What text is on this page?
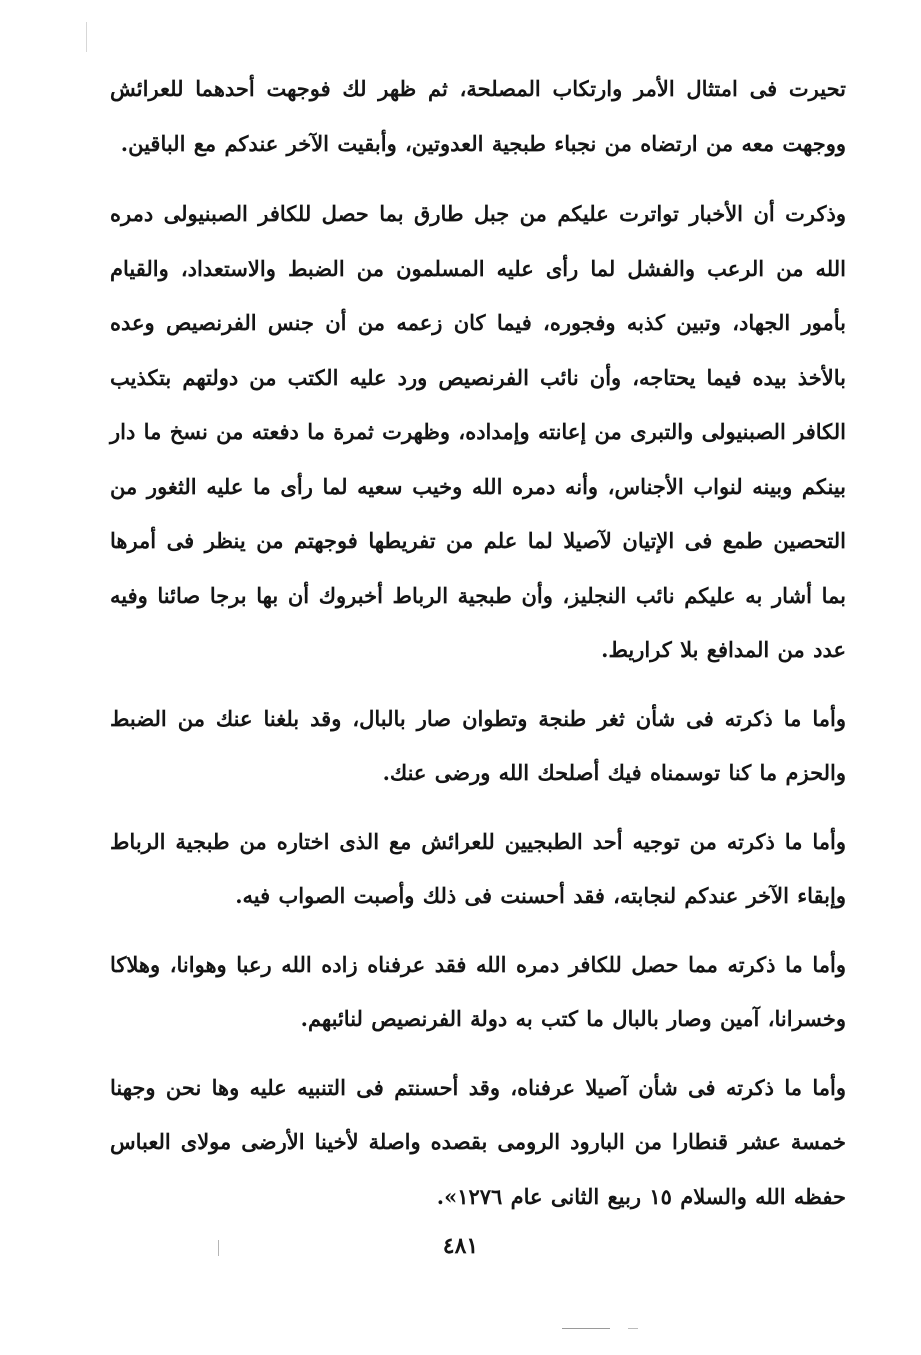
تحيرت فى امتثال الأمر وارتكاب المصلحة، ثم ظهر لك فوجهت أحدهما للعرائش ووجهت معه من ارتضاه من نجباء طبجية العدوتين، وأبقيت الآخر عندكم مع الباقين.

وذكرت أن الأخبار تواترت عليكم من جبل طارق بما حصل للكافر الصبنيولى دمره الله من الرعب والفشل لما رأى عليه المسلمون من الضبط والاستعداد، والقيام بأمور الجهاد، وتبين كذبه وفجوره، فيما كان زعمه من أن جنس الفرنصيص وعده بالأخذ بيده فيما يحتاجه، وأن نائب الفرنصيص ورد عليه الكتب من دولتهم بتكذيب الكافر الصبنيولى والتبرى من إعانته وإمداده، وظهرت ثمرة ما دفعته من نسخ ما دار بينكم وبينه لنواب الأجناس، وأنه دمره الله وخيب سعيه لما رأى ما عليه الثغور من التحصين طمع فى الإتيان لآصيلا لما علم من تفريطها فوجهتم من ينظر فى أمرها بما أشار به عليكم نائب النجليز، وأن طبجية الرباط أخبروك أن بها برجا صائنا وفيه عدد من المدافع بلا كراريط.

وأما ما ذكرته فى شأن ثغر طنجة وتطوان صار بالبال، وقد بلغنا عنك من الضبط والحزم ما كنا توسمناه فيك أصلحك الله ورضى عنك.

وأما ما ذكرته من توجيه أحد الطبجيين للعرائش مع الذى اختاره من طبجية الرباط وإبقاء الآخر عندكم لنجابته، فقد أحسنت فى ذلك وأصبت الصواب فيه.

وأما ما ذكرته مما حصل للكافر دمره الله فقد عرفناه زاده الله رعبا وهوانا، وهلاكا وخسرانا، آمين وصار بالبال ما كتب به دولة الفرنصيص لنائبهم.

وأما ما ذكرته فى شأن آصيلا عرفناه، وقد أحسنتم فى التنبيه عليه وها نحن وجهنا خمسة عشر قنطارا من البارود الرومى بقصده واصلة لأخينا الأرضى مولاى العباس حفظه الله والسلام ١٥ ربيع الثانى عام ١٢٧٦».

٤٨١
